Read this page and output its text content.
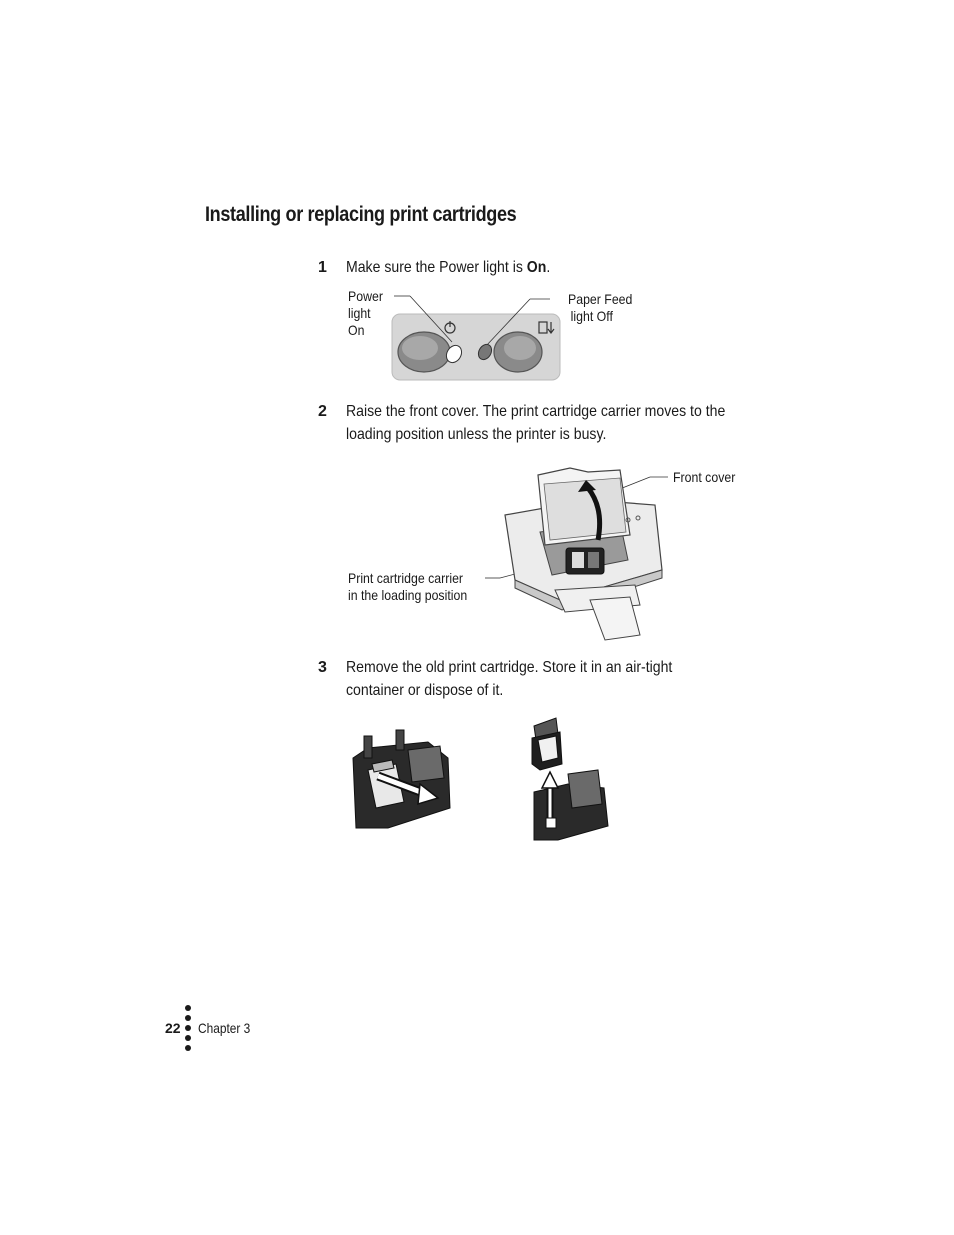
Installing or replacing print cartridges
1 Make sure the Power light is On.
Power
light
On
Paper Feed
light Off
2 Raise the front cover. The print cartridge carrier moves to the
loading position unless the printer is busy.
Front cover
Print cartridge carrier
in the loading position
3 Remove the old print cartridge. Store it in an air-tight
container or dispose of it.
22 Chapter 3
